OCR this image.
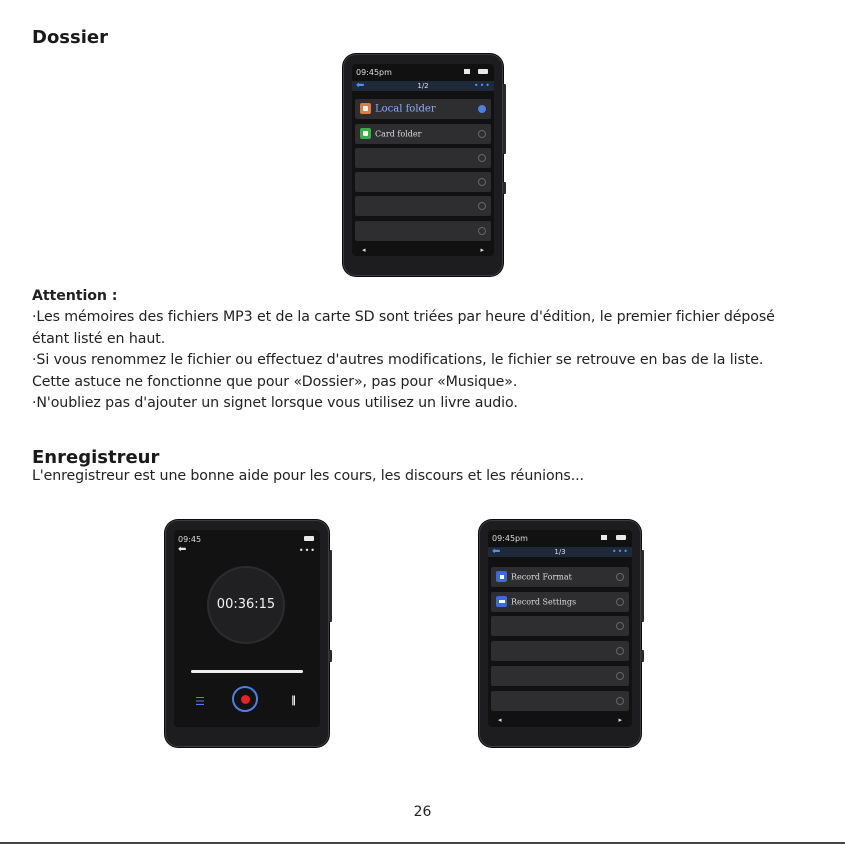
Dossier
09:45pm
⬅	1/2	•••
Local folder
Card folder
◂	▸
Attention :
·Les mémoires des fichiers MP3 et de la carte SD sont triées par heure d'édition, le premier fichier déposé
étant listé en haut.
·Si vous renommez le fichier ou effectuez d'autres modifications, le fichier se retrouve en bas de la liste.
Cette astuce ne fonctionne que pour «Dossier», pas pour «Musique».
·N'oubliez pas d'ajouter un signet lorsque vous utilisez un livre audio.
Enregistreur
L'enregistreur est une bonne aide pour les cours, les discours et les réunions...
09:45
⬅	•••
00:36:15
☰	‖
09:45pm
⬅	1/3	•••
Record Format
Record Settings
◂	▸
26
